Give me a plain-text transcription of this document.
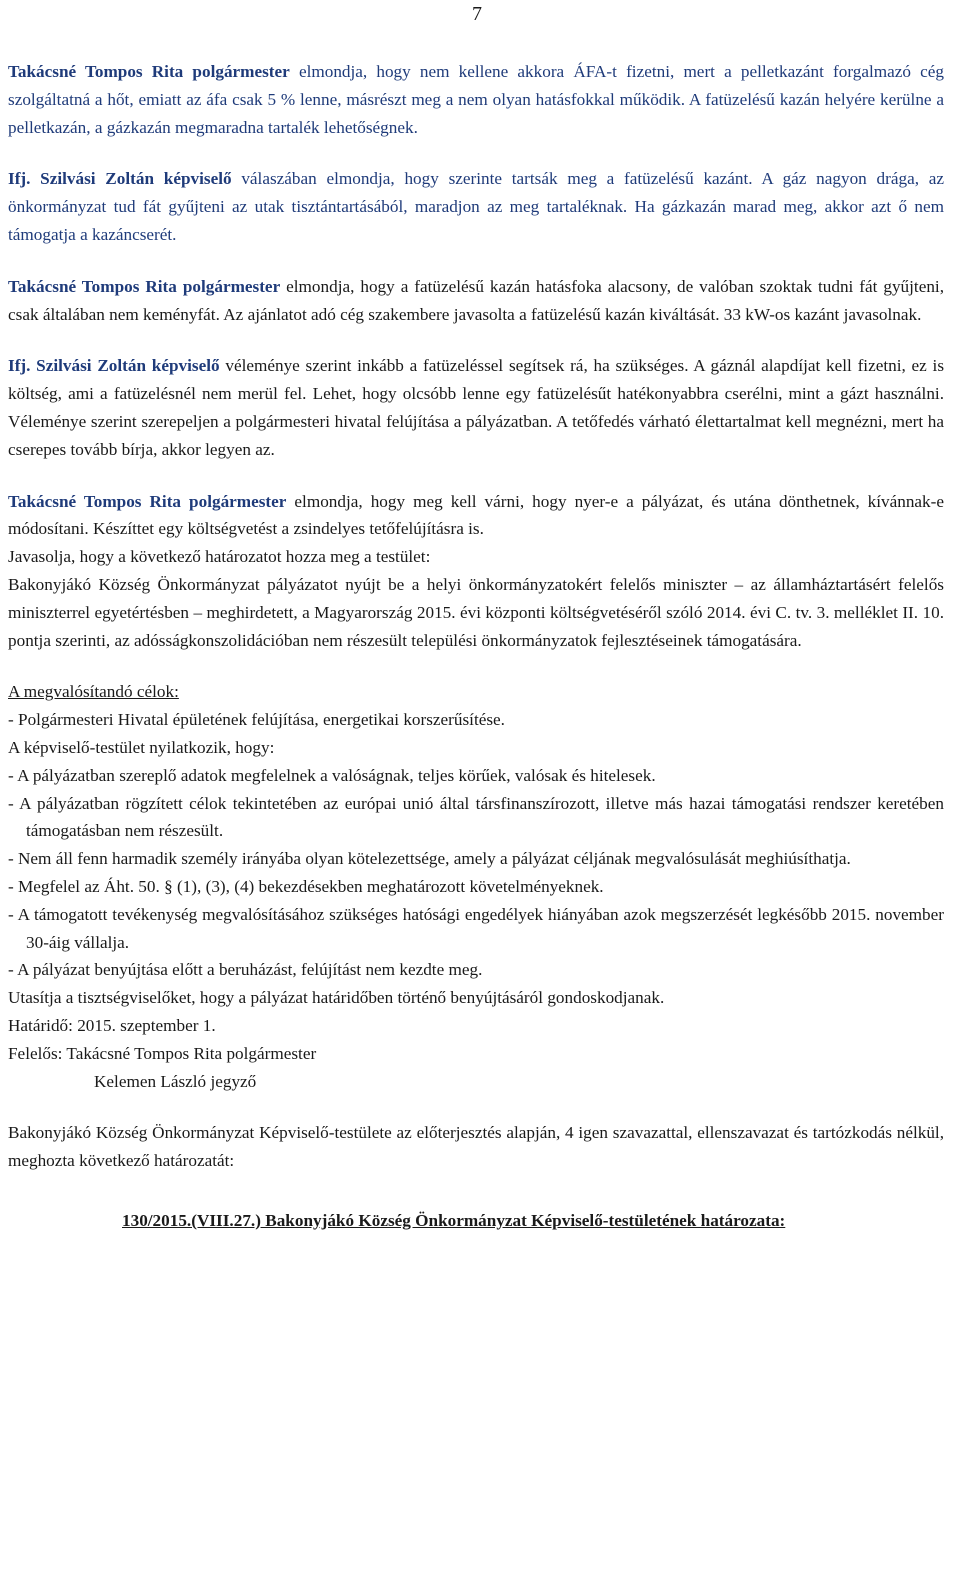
7

Takácsné Tompos Rita polgármester elmondja, hogy nem kellene akkora ÁFA-t fizetni, mert a pelletkazánt forgalmazó cég szolgáltatná a hőt, emiatt az áfa csak 5 % lenne, másrészt meg a nem olyan hatásfokkal működik. A fatüzelésű kazán helyére kerülne a pelletkazán, a gázkazán megmaradna tartalék lehetőségnek.

Ifj. Szilvási Zoltán képviselő válaszában elmondja, hogy szerinte tartsák meg a fatüzelésű kazánt. A gáz nagyon drága, az önkormányzat tud fát gyűjteni az utak tisztántartásából, maradjon az meg tartaléknak. Ha gázkazán marad meg, akkor azt ő nem támogatja a kazáncserét.

Takácsné Tompos Rita polgármester elmondja, hogy a fatüzelésű kazán hatásfoka alacsony, de valóban szoktak tudni fát gyűjteni, csak általában nem keményfát. Az ajánlatot adó cég szakembere javasolta a fatüzelésű kazán kiváltását. 33 kW-os kazánt javasolnak.

Ifj. Szilvási Zoltán képviselő véleménye szerint inkább a fatüzeléssel segítsek rá, ha szükséges. A gáznál alapdíjat kell fizetni, ez is költség, ami a fatüzelésnél nem merül fel. Lehet, hogy olcsóbb lenne egy fatüzelésűt hatékonyabbra cserélni, mint a gázt használni. Véleménye szerint szerepeljen a polgármesteri hivatal felújítása a pályázatban. A tetőfedés várható élettartalmat kell megnézni, mert ha cserepes tovább bírja, akkor legyen az.

Takácsné Tompos Rita polgármester elmondja, hogy meg kell várni, hogy nyer-e a pályázat, és utána dönthetnek, kívánnak-e módosítani. Készíttet egy költségvetést a zsindelyes tetőfelújításra is.

Javasolja, hogy a következő határozatot hozza meg a testület:

Bakonyjákó Község Önkormányzat pályázatot nyújt be a helyi önkormányzatokért felelős miniszter – az államháztartásért felelős miniszterrel egyetértésben – meghirdetett, a Magyarország 2015. évi központi költségvetéséről szóló 2014. évi C. tv. 3. melléklet II. 10. pontja szerinti, az adósságkonszolidációban nem részesült települési önkormányzatok fejlesztéseinek támogatására.

A megvalósítandó célok:

- Polgármesteri Hivatal épületének felújítása, energetikai korszerűsítése.

A képviselő-testület nyilatkozik, hogy:

- A pályázatban szereplő adatok megfelelnek a valóságnak, teljes körűek, valósak és hitelesek.

- A pályázatban rögzített célok tekintetében az európai unió által társfinanszírozott, illetve más hazai támogatási rendszer keretében támogatásban nem részesült.

- Nem áll fenn harmadik személy irányába olyan kötelezettsége, amely a pályázat céljának megvalósulását meghiúsíthatja.

- Megfelel az Áht. 50. § (1), (3), (4) bekezdésekben meghatározott követelményeknek.

- A támogatott tevékenység megvalósításához szükséges hatósági engedélyek hiányában azok megszerzését legkésőbb 2015. november 30-áig vállalja.

- A pályázat benyújtása előtt a beruházást, felújítást nem kezdte meg.

Utasítja a tisztségviselőket, hogy a pályázat határidőben történő benyújtásáról gondoskodjanak.

Határidő: 2015. szeptember 1.

Felelős: Takácsné Tompos Rita polgármester

Kelemen László jegyző

Bakonyjákó Község Önkormányzat Képviselő-testülete az előterjesztés alapján, 4 igen szavazattal, ellenszavazat és tartózkodás nélkül, meghozta következő határozatát:

130/2015.(VIII.27.) Bakonyjákó Község Önkormányzat Képviselő-testületének határozata:
